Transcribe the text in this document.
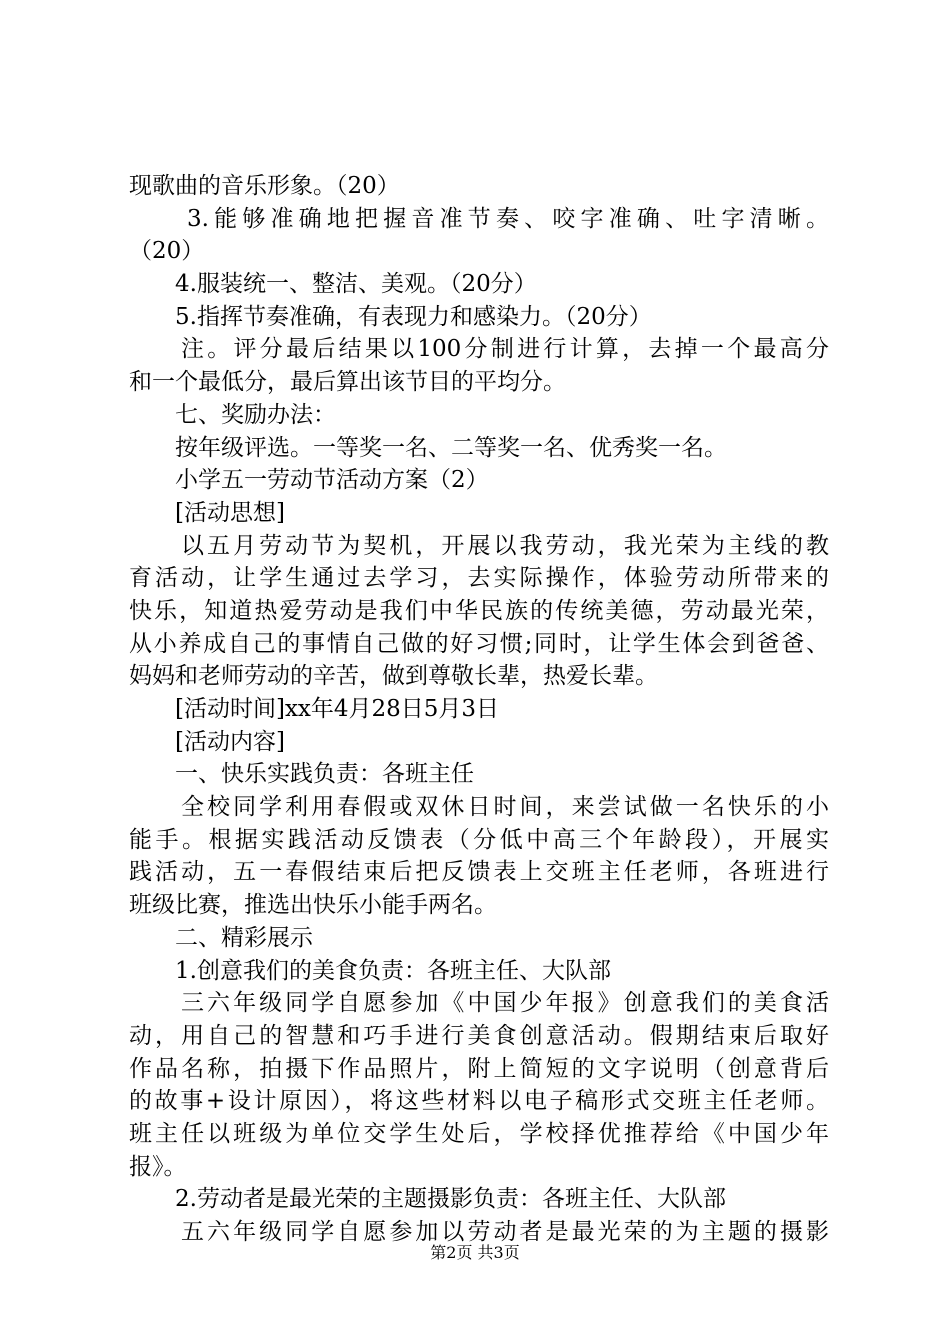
现歌曲的音乐形象。（20）
3.能够准确地把握音准节奏、咬字准确、吐字清晰。
（20）
4.服装统一、整洁、美观。（20分）
5.指挥节奏准确，有表现力和感染力。（20分）
注。评分最后结果以100分制进行计算，去掉一个最高分
和一个最低分，最后算出该节目的平均分。
七、奖励办法：
按年级评选。一等奖一名、二等奖一名、优秀奖一名。
小学五一劳动节活动方案（2）
[活动思想]
以五月劳动节为契机，开展以我劳动，我光荣为主线的教
育活动，让学生通过去学习，去实际操作，体验劳动所带来的
快乐，知道热爱劳动是我们中华民族的传统美德，劳动最光荣，
从小养成自己的事情自己做的好习惯;同时，让学生体会到爸爸、
妈妈和老师劳动的辛苦，做到尊敬长辈，热爱长辈。
[活动时间]xx年4月28日5月3日
[活动内容]
一、快乐实践负责：各班主任
全校同学利用春假或双休日时间，来尝试做一名快乐的小
能手。根据实践活动反馈表（分低中高三个年龄段），开展实
践活动，五一春假结束后把反馈表上交班主任老师，各班进行
班级比赛，推选出快乐小能手两名。
二、精彩展示
1.创意我们的美食负责：各班主任、大队部
三六年级同学自愿参加《中国少年报》创意我们的美食活
动，用自己的智慧和巧手进行美食创意活动。假期结束后取好
作品名称，拍摄下作品照片，附上简短的文字说明（创意背后
的故事+设计原因），将这些材料以电子稿形式交班主任老师。
班主任以班级为单位交学生处后，学校择优推荐给《中国少年
报》。
2.劳动者是最光荣的主题摄影负责：各班主任、大队部
五六年级同学自愿参加以劳动者是最光荣的为主题的摄影
第2页 共3页
